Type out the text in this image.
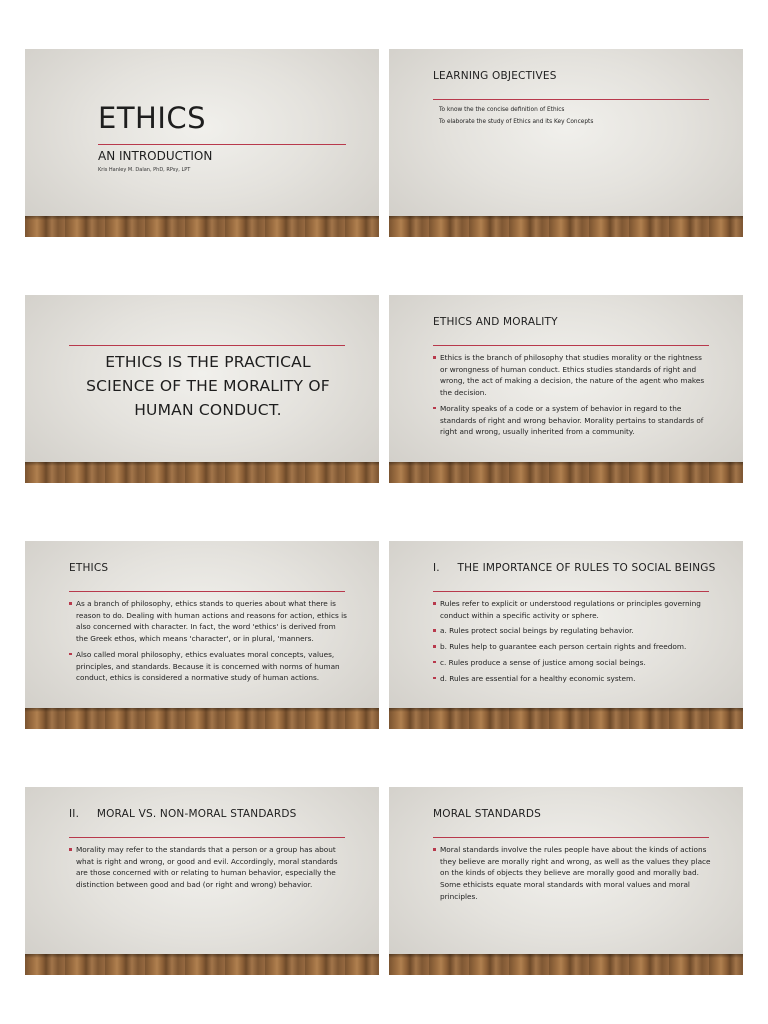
ETHICS
AN INTRODUCTION
Kris Hanley M. Dalan, PhD, RPsy, LPT
LEARNING OBJECTIVES
To know the the concise definition of Ethics
To elaborate the study of Ethics and its Key Concepts
ETHICS IS THE PRACTICAL SCIENCE OF THE MORALITY OF HUMAN CONDUCT.
ETHICS AND MORALITY
Ethics is the branch of philosophy that studies morality or the rightness or wrongness of human conduct. Ethics studies standards of right and wrong, the act of making a decision, the nature of the agent who makes the decision.
Morality speaks of a code or a system of behavior in regard to the standards of right and wrong behavior. Morality pertains to standards of right and wrong, usually inherited from a community.
ETHICS
As a branch of philosophy, ethics stands to queries about what there is reason to do. Dealing with human actions and reasons for action, ethics is also concerned with character. In fact, the word 'ethics' is derived from the Greek ethos, which means 'character', or in plural, 'manners.
Also called moral philosophy, ethics evaluates moral concepts, values, principles, and standards. Because it is concerned with norms of human conduct, ethics is considered a normative study of human actions.
I.     THE IMPORTANCE OF RULES TO SOCIAL BEINGS
Rules refer to explicit or understood regulations or principles governing conduct within a specific activity or sphere.
a. Rules protect social beings by regulating behavior.
b. Rules help to guarantee each person certain rights and freedom.
c. Rules produce a sense of justice among social beings.
d. Rules are essential for a healthy economic system.
II.     MORAL VS. NON-MORAL STANDARDS
Morality may refer to the standards that a person or a group has about what is right and wrong, or good and evil. Accordingly, moral standards are those concerned with or relating to human behavior, especially the distinction between good and bad (or right and wrong) behavior.
MORAL STANDARDS
Moral standards involve the rules people have about the kinds of actions they believe are morally right and wrong, as well as the values they place on the kinds of objects they believe are morally good and morally bad. Some ethicists equate moral standards with moral values and moral principles.
